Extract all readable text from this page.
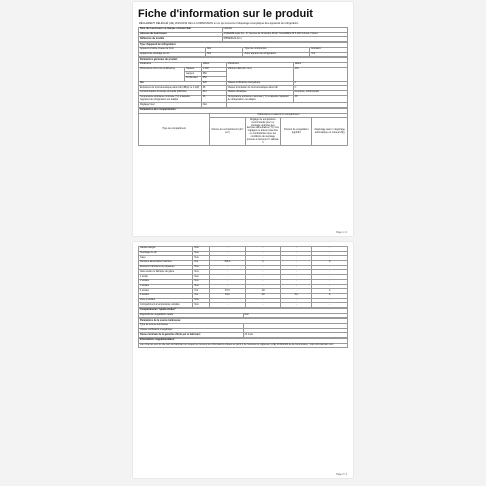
Fiche d'information sur le produit
RÈGLEMENT DÉLÉGUÉ (UE) 2019/2016 DE LA COMMISSION en ce qui concerne l'étiquetage énergétique des appareils de réfrigération
Nom du fournisseur ou marque commerciale	Liebherr
Adresse du fournisseur	ASSEMBLAGE SA - 17 Avenue de l'Industrie 68127 OLLIERES 68 5 000 Colmar, France
Référence du modèle	IRBSE5120-22-1
Type d'appareil de réfrigération:			
Appareil à faible niveau de bruit	Non	Type de construction	Encastré
Appareil de stockage du vin	Non	Autre appareil de réfrigération	Oui
Paramètres généraux du produit:				
Paramètre		Valeur	Paramètre	Valeur
Dimensions hors tout (millimètre)	Hauteur	1 500	Volume total (dm³ ou l)	234
	Largeur	560		
	Profondeur	550		
IEE		206	Classe d'efficacité énergétique	F
Émissions de bruit acoustique dans l'air [dB(A) re 1 pW]		36	Classe d'émission de bruit acoustique dans l'air	C
Consommation d'énergie annuelle (kWh/an)		213	Classe climatique	tempérée, subtropicale
Température ambiante minimale (°C) à laquelle l'appareil de réfrigération est adapté		16	Température ambiante maximale (°C) à laquelle l'appareil de réfrigération est adapté	38
Réglage hiver		Non		
Paramètres des compartiments:				
Type de compartiment	Paramètres et valeurs du compartiment			
	Volume du compartiment (dm³ ou l)	Réglage de température recommandé pour un stockage optimisé des denrées alimentaires (°C) Ces réglages ne doivent pas être en contradiction avec les conditions de stockage prévues à l'annexe IV, tableau 3	Pouvoir de congélation (kg/24h)	Dégivrage (auto = dégivrage automatique ou manuel (M))
Page 1 / 2
Garde-manger	Non	-	-	-	-
Stockage du vin	Non	-	-	-	-
Cave	Non	-	-	-	-
Denrées alimentaires fraîches	Oui	158,0	4	-	A
Boissons fraîchement préparées	Non	-	-	-	-
Sans étoile ou fabrique de glace	Non	-	-	-	-
1 étoile	Non	-	-	-	-
2 étoiles	Non	-	-	-	-
3 étoiles	Non	-	-	-	-
4 étoiles	Oui	67,0	-18	-	A
4 étoiles	Oui	63,0	-18	5,0	A
Zone 2 étoiles	Non	-	-	-	-
Compartiment à température variable	Non	-	-	-	-
Compartiments "quatre étoiles"
Dispositif de congélation rapide	Non
Paramètres de la source lumineuse:	
Type de source lumineuse	
Classe d'efficacité énergétique	
Durée minimale de la garantie offerte par le fabricant:	24 mois
Informations supplémentaires:
Lien Internet vers le site web du fabricant sur lequel se trouvent les informations visées au point 4 de l'annexe du règlement (UE) 2019/2020 de la Commission : http://info.liebherr.com
Page 2 / 2
